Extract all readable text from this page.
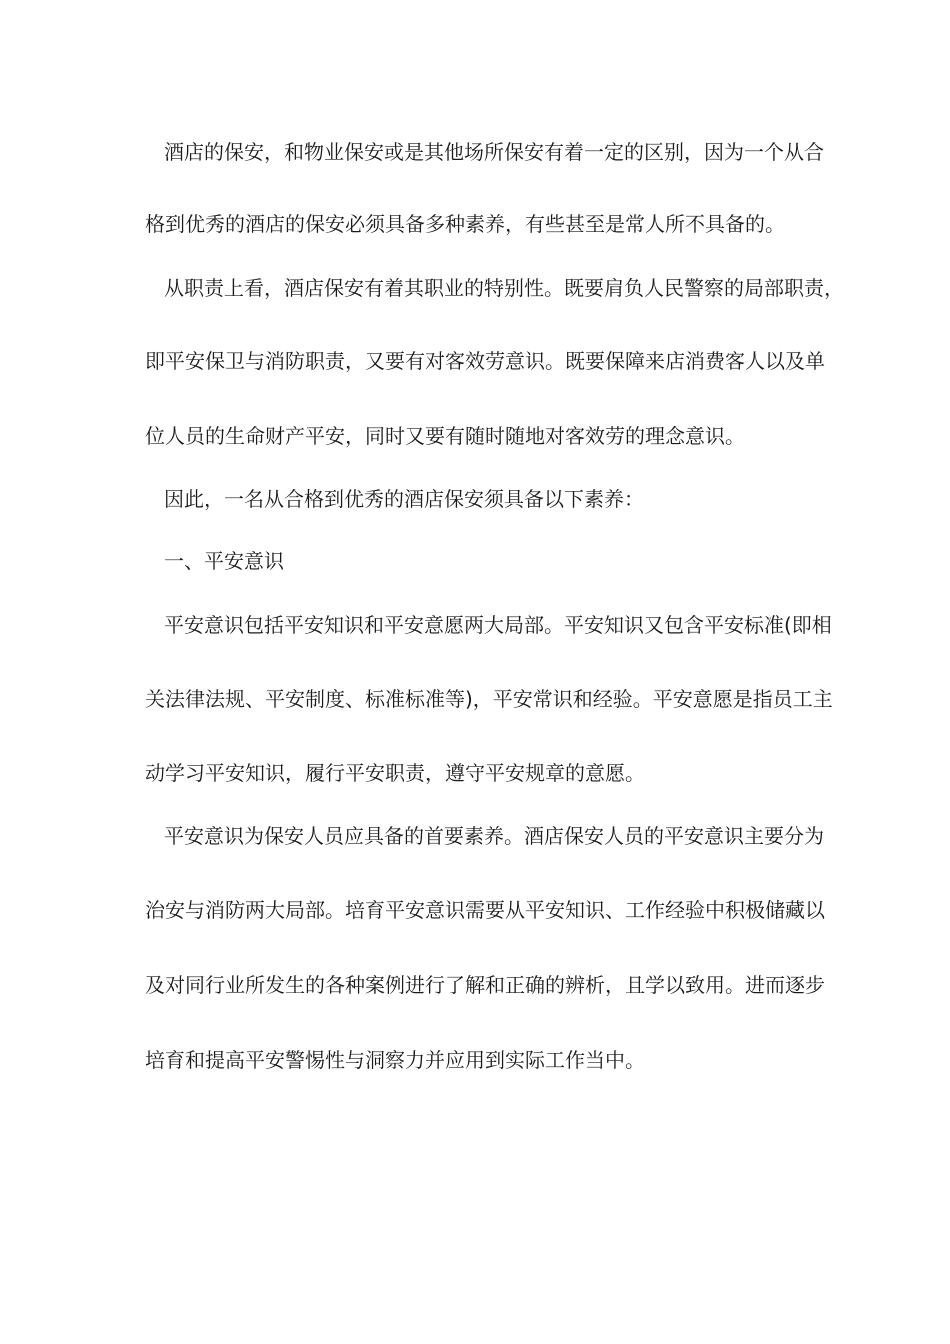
酒店的保安，和物业保安或是其他场所保安有着一定的区别，因为一个从合
格到优秀的酒店的保安必须具备多种素养，有些甚至是常人所不具备的。
从职责上看，酒店保安有着其职业的特别性。既要肩负人民警察的局部职责，
即平安保卫与消防职责，又要有对客效劳意识。既要保障来店消费客人以及单
位人员的生命财产平安，同时又要有随时随地对客效劳的理念意识。
因此，一名从合格到优秀的酒店保安须具备以下素养：
一、平安意识
平安意识包括平安知识和平安意愿两大局部。平安知识又包含平安标准(即相
关法律法规、平安制度、标准标准等)，平安常识和经验。平安意愿是指员工主
动学习平安知识，履行平安职责，遵守平安规章的意愿。
平安意识为保安人员应具备的首要素养。酒店保安人员的平安意识主要分为
治安与消防两大局部。培育平安意识需要从平安知识、工作经验中积极储藏以
及对同行业所发生的各种案例进行了解和正确的辨析，且学以致用。进而逐步
培育和提高平安警惕性与洞察力并应用到实际工作当中。
